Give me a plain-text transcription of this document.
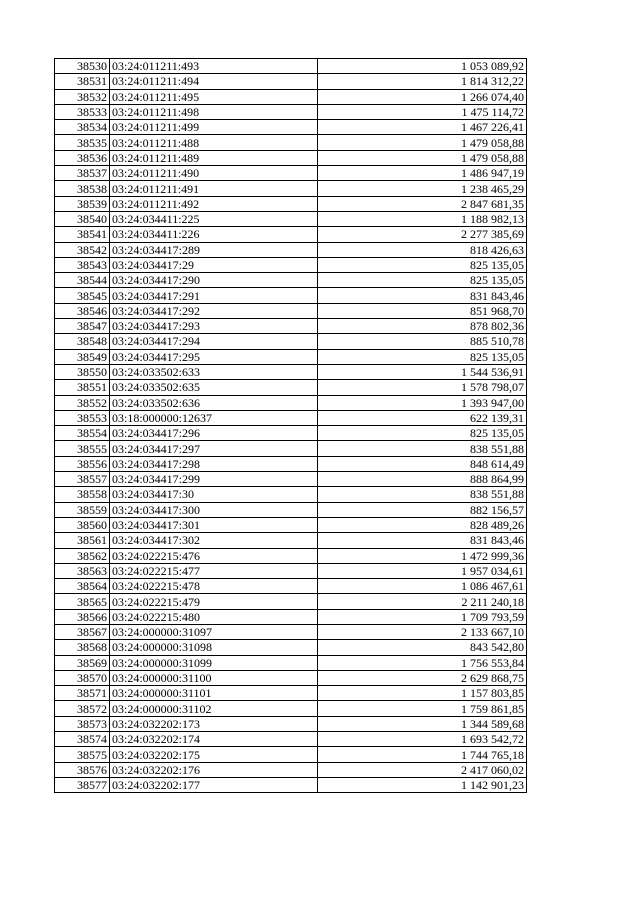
38530	03:24:011211:493	1 053 089,92
38531	03:24:011211:494	1 814 312,22
38532	03:24:011211:495	1 266 074,40
38533	03:24:011211:498	1 475 114,72
38534	03:24:011211:499	1 467 226,41
38535	03:24:011211:488	1 479 058,88
38536	03:24:011211:489	1 479 058,88
38537	03:24:011211:490	1 486 947,19
38538	03:24:011211:491	1 238 465,29
38539	03:24:011211:492	2 847 681,35
38540	03:24:034411:225	1 188 982,13
38541	03:24:034411:226	2 277 385,69
38542	03:24:034417:289	818 426,63
38543	03:24:034417:29	825 135,05
38544	03:24:034417:290	825 135,05
38545	03:24:034417:291	831 843,46
38546	03:24:034417:292	851 968,70
38547	03:24:034417:293	878 802,36
38548	03:24:034417:294	885 510,78
38549	03:24:034417:295	825 135,05
38550	03:24:033502:633	1 544 536,91
38551	03:24:033502:635	1 578 798,07
38552	03:24:033502:636	1 393 947,00
38553	03:18:000000:12637	622 139,31
38554	03:24:034417:296	825 135,05
38555	03:24:034417:297	838 551,88
38556	03:24:034417:298	848 614,49
38557	03:24:034417:299	888 864,99
38558	03:24:034417:30	838 551,88
38559	03:24:034417:300	882 156,57
38560	03:24:034417:301	828 489,26
38561	03:24:034417:302	831 843,46
38562	03:24:022215:476	1 472 999,36
38563	03:24:022215:477	1 957 034,61
38564	03:24:022215:478	1 086 467,61
38565	03:24:022215:479	2 211 240,18
38566	03:24:022215:480	1 709 793,59
38567	03:24:000000:31097	2 133 667,10
38568	03:24:000000:31098	843 542,80
38569	03:24:000000:31099	1 756 553,84
38570	03:24:000000:31100	2 629 868,75
38571	03:24:000000:31101	1 157 803,85
38572	03:24:000000:31102	1 759 861,85
38573	03:24:032202:173	1 344 589,68
38574	03:24:032202:174	1 693 542,72
38575	03:24:032202:175	1 744 765,18
38576	03:24:032202:176	2 417 060,02
38577	03:24:032202:177	1 142 901,23
